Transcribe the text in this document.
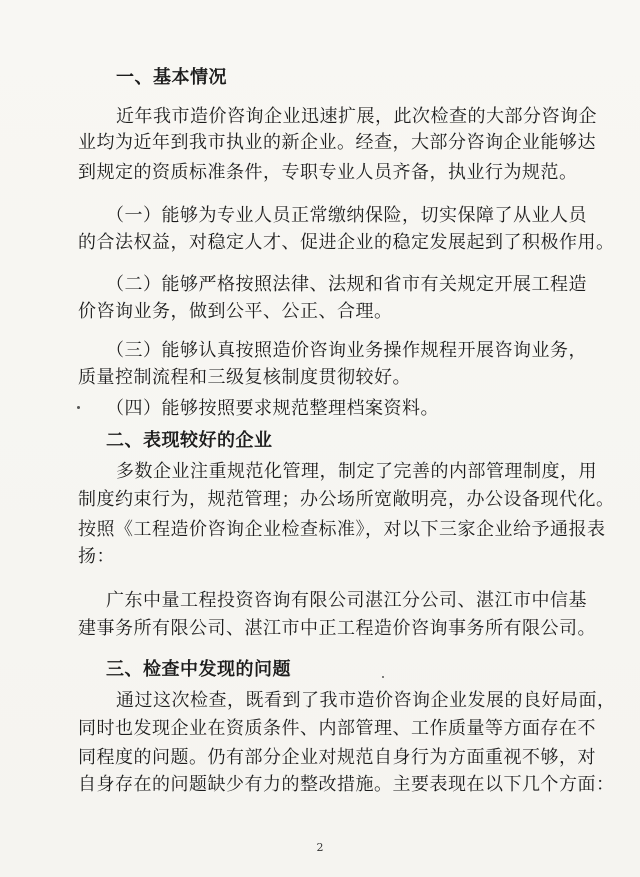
一、基本情况
近年我市造价咨询企业迅速扩展，此次检查的大部分咨询企
业均为近年到我市执业的新企业。经查，大部分咨询企业能够达
到规定的资质标准条件，专职专业人员齐备，执业行为规范。
（一）能够为专业人员正常缴纳保险，切实保障了从业人员
的合法权益，对稳定人才、促进企业的稳定发展起到了积极作用。
（二）能够严格按照法律、法规和省市有关规定开展工程造
价咨询业务，做到公平、公正、合理。
（三）能够认真按照造价咨询业务操作规程开展咨询业务，
质量控制流程和三级复核制度贯彻较好。
（四）能够按照要求规范整理档案资料。
二、表现较好的企业
多数企业注重规范化管理，制定了完善的内部管理制度，用
制度约束行为，规范管理；办公场所宽敞明亮，办公设备现代化。
按照《工程造价咨询企业检查标准》，对以下三家企业给予通报表
扬：
广东中量工程投资咨询有限公司湛江分公司、湛江市中信基
建事务所有限公司、湛江市中正工程造价咨询事务所有限公司。
三、检查中发现的问题
通过这次检查，既看到了我市造价咨询企业发展的良好局面，
同时也发现企业在资质条件、内部管理、工作质量等方面存在不
同程度的问题。仍有部分企业对规范自身行为方面重视不够，对
自身存在的问题缺少有力的整改措施。主要表现在以下几个方面：
2
